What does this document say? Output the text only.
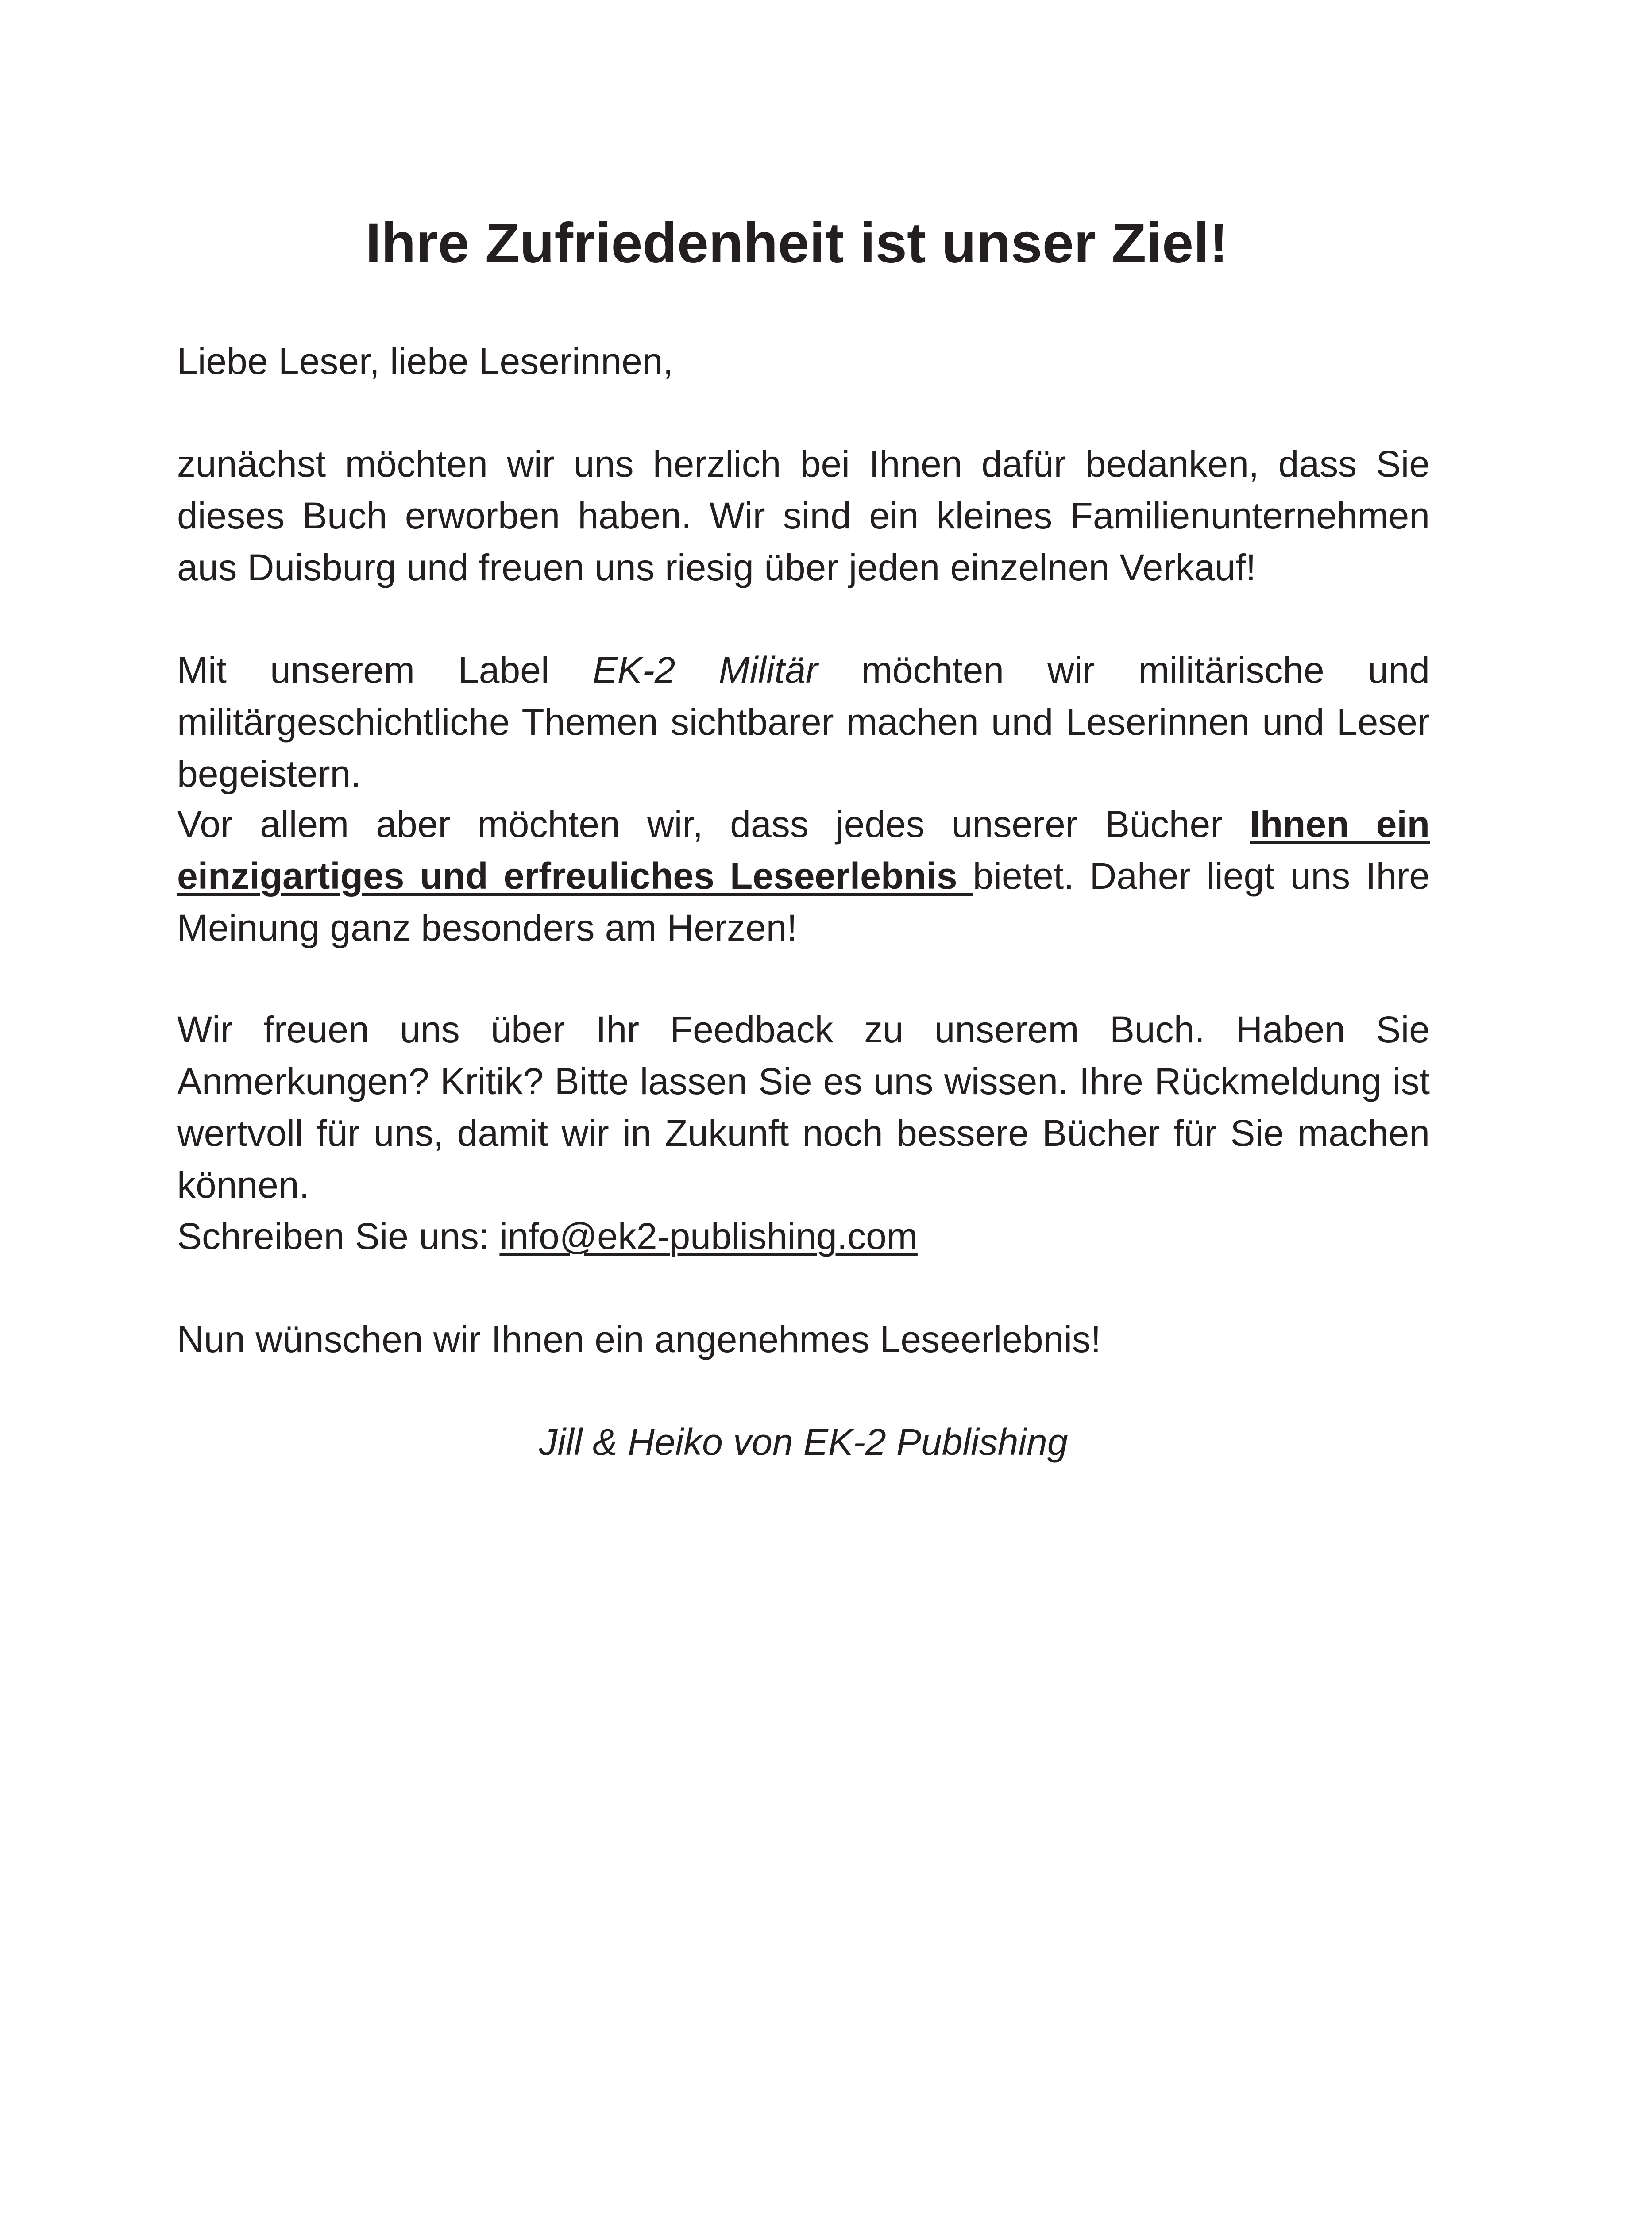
Ihre Zufriedenheit ist unser Ziel!

Liebe Leser, liebe Leserinnen,

zunächst möchten wir uns herzlich bei Ihnen dafür bedanken, dass Sie dieses Buch erworben haben. Wir sind ein kleines Familienunternehmen aus Duisburg und freuen uns riesig über jeden einzelnen Verkauf!

Mit unserem Label EK-2 Militär möchten wir militärische und militärgeschichtliche Themen sichtbarer machen und Leserinnen und Leser begeistern.

Vor allem aber möchten wir, dass jedes unserer Bücher Ihnen ein einzigartiges und erfreuliches Leseerlebnis bietet. Daher liegt uns Ihre Meinung ganz besonders am Herzen!

Wir freuen uns über Ihr Feedback zu unserem Buch. Haben Sie Anmerkungen? Kritik? Bitte lassen Sie es uns wissen. Ihre Rückmeldung ist wertvoll für uns, damit wir in Zukunft noch bessere Bücher für Sie machen können.

Schreiben Sie uns: info@ek2-publishing.com

Nun wünschen wir Ihnen ein angenehmes Leseerlebnis!

Jill & Heiko von EK-2 Publishing
